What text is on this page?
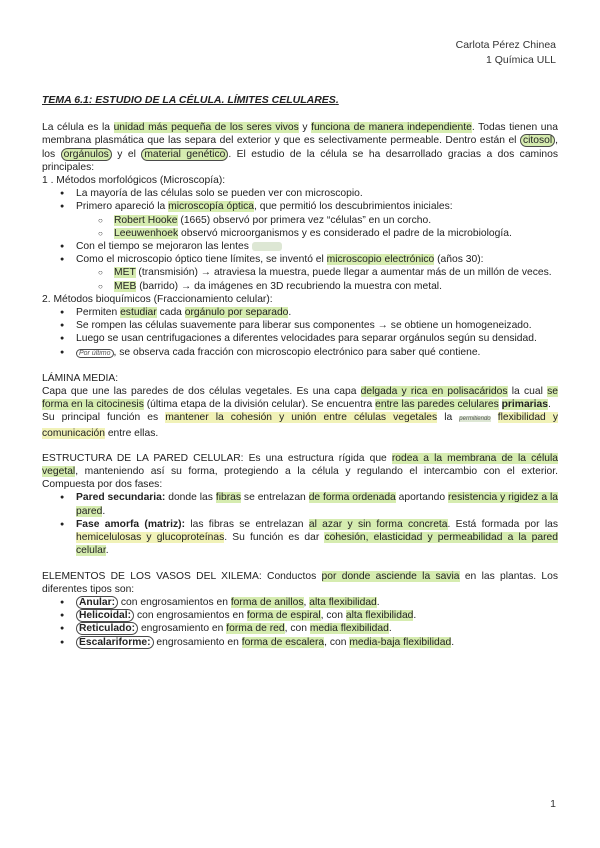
Carlota Pérez Chinea
1 Química ULL

TEMA 6.1: ESTUDIO DE LA CÉLULA. LÍMITES CELULARES.

La célula es la unidad más pequeña de los seres vivos y funciona de manera independiente. Todas tienen una membrana plasmática que las separa del exterior y que es selectivamente permeable. Dentro están el citosol , los orgánulos y el material genético . El estudio de la célula se ha desarrollado gracias a dos caminos principales:

1 . Métodos morfológicos (Microscopía):

● La mayoría de las células solo se pueden ver con microscopio.
● Primero apareció la microscopía óptica, que permitió los descubrimientos iniciales:
○ Robert Hooke (1665) observó por primera vez “células” en un corcho.
○ Leeuwenhoek observó microorganismos y es considerado el padre de la microbiología.
● Con el tiempo se mejoraron las lentes
● Como el microscopio óptico tiene límites, se inventó el microscopio electrónico (años 30):
○ MET (transmisión) → atraviesa la muestra, puede llegar a aumentar más de un millón de veces.
○ MEB (barrido) → da imágenes en 3D recubriendo la muestra con metal.

2. Métodos bioquímicos (Fraccionamiento celular):

● Permiten estudiar cada orgánulo por separado.
● Se rompen las células suavemente para liberar sus componentes → se obtiene un homogeneizado.
● Luego se usan centrifugaciones a diferentes velocidades para separar orgánulos según su densidad.
● Por último , se observa cada fracción con microscopio electrónico para saber qué contiene.

LÁMINA MEDIA:

Capa que une las paredes de dos células vegetales. Es una capa delgada y rica en polisacáridos la cual se forma en la citocinesis (última etapa de la división celular). Se encuentra entre las paredes celulares primarias.

Su principal función es mantener la cohesión y unión entre células vegetales la permitiendo flexibilidad y comunicación entre ellas.

ESTRUCTURA DE LA PARED CELULAR: Es una estructura rígida que rodea a la membrana de la célula vegetal, manteniendo así su forma, protegiendo a la célula y regulando el intercambio con el exterior. Compuesta por dos fases:

● Pared secundaria: donde las fibras se entrelazan de forma ordenada aportando resistencia y rigidez a la pared.
● Fase amorfa (matriz): las fibras se entrelazan al azar y sin forma concreta. Está formada por las hemicelulosas y glucoproteínas. Su función es dar cohesión, elasticidad y permeabilidad a la pared celular.

ELEMENTOS DE LOS VASOS DEL XILEMA: Conductos por donde asciende la savia en las plantas. Los diferentes tipos son:

● Anular: con engrosamientos en forma de anillos, alta flexibilidad.
● Helicoidal: con engrosamientos en forma de espiral, con alta flexibilidad.
● Reticulado: engrosamiento en forma de red, con media flexibilidad.
● Escalariforme: engrosamiento en forma de escalera, con media-baja flexibilidad.
1
